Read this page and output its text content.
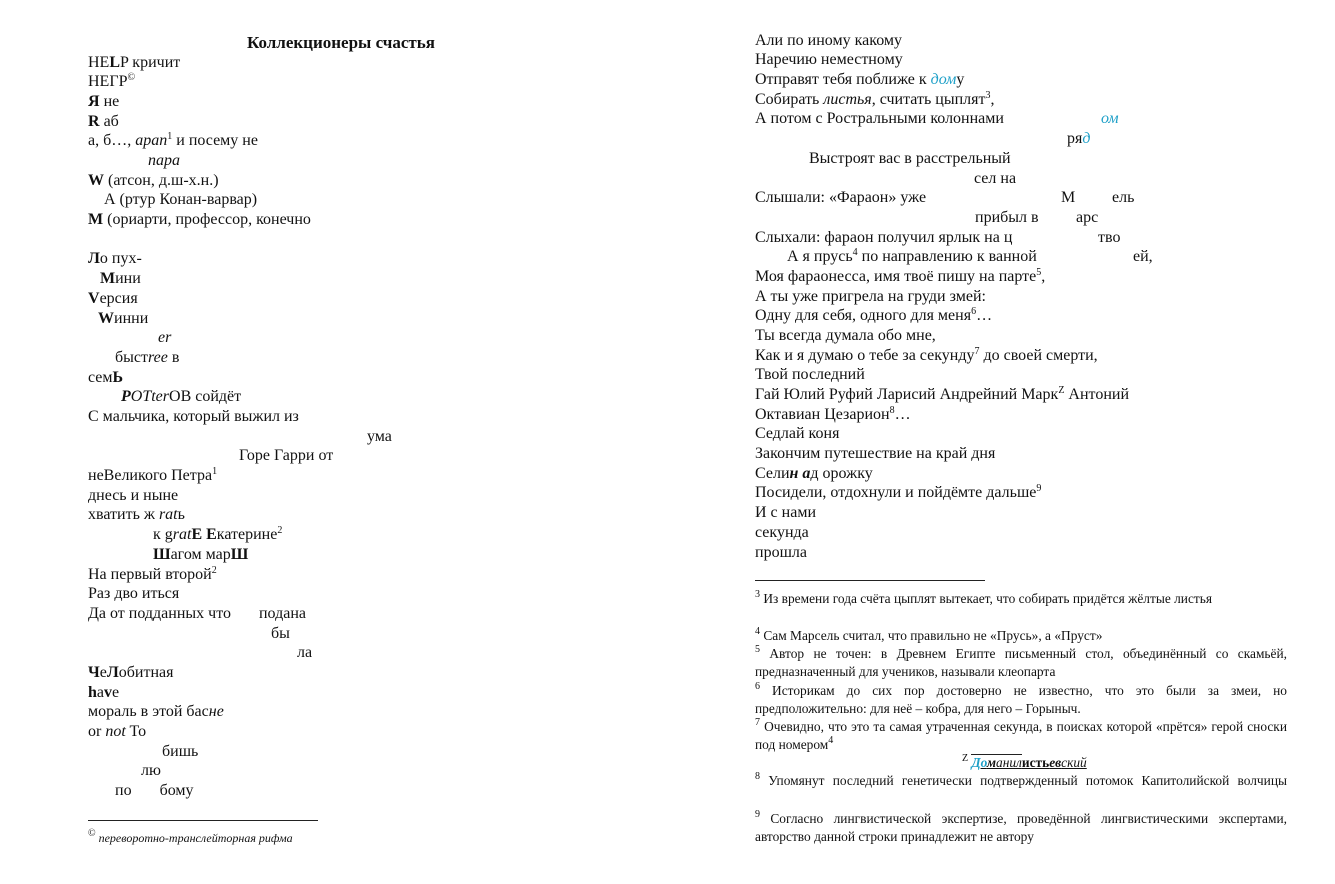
Коллекционеры счастья
НЕLP кричит
НЕГР©
Я не
R аб
а, б…, арап$^1$ и посему не
пара
W (атсон, д.ш-х.н.)
А (ртур Конан-варвар)
M (ориарти, профессор, конечно
Ло пух-
Мини
Vерсия
Wинни
er
быстree в
семЬ
POTterОВ сойдёт
С мальчика, который выжил из
ума
Горе Гарри от
неВеликого Петра$^1$
днесь и ныне
хватить ж ratь
к gratE Eкатерине$^2$
Шагом марШ
На первый второй$^2$
Раз дво иться
Да от подданных что       подана
бы
ла
ЧеЛобитная
hаvе
мораль в этой басне
or not To
бишь
лю
по       бому
© переворотно-транслейторная рифма
Али по иному какому
Наречию неместному
Отправят тебя поближе к дому
Собирать листья, считать цыплят$^3$,
А потом с Ростральными колоннами	ом
ряд
Выстроят вас в расстрельный
сел на
Слышали: «Фараон» уже	М ель
прибыл в арс
Слыхали: фараон получил ярлык на ц	тво
А я пруcь$^4$ по направлению к ванной	ей,
Моя фараонесса, имя твоё пишу на парте$^5$,
А ты уже пригрела на груди змей:
Одну для себя, одного для меня$^6$…
Ты всегда думала обо мне,
Как и я думаю о тебе за секунду$^7$ до своей смерти,
Твой последний
Гай Юлий Руфий Ларисий Андрейний Марк$^Z$ Антоний
Октавиан Цезарион$^8$…
Седлай коня
Закончим путешествие на край дня
Селин ад орожку
Посидели, отдохнули и пойдёмте дальше$^9$
И с нами
секунда
прошла
$^3$ Из времени года счёта цыплят вытекает, что собирать придётся жёлтые листья
$^4$ Сам Марсель считал, что правильно не «Прусь», а «Пруст»
$^5$ Автор не точен: в Древнем Египте письменный стол, объединённый со скамьёй, предназначенный для учеников, называли клеопарта
$^6$ Историкам до сих пор достоверно не известно, что это были за змеи, но предположительно: для неё – кобра, для него – Горыныч.
$^7$ Очевидно, что это та самая утраченная секунда, в поисках которой «прётся» герой сноски под номером$^4$
$^Z$ Доманилистьевский
$^8$ Упомянут последний генетически подтвержденный потомок Капитолийской волчицы
$^9$ Согласно лингвистической экспертизе, проведённой лингвистическими экспертами, авторство данной строки принадлежит не автору
